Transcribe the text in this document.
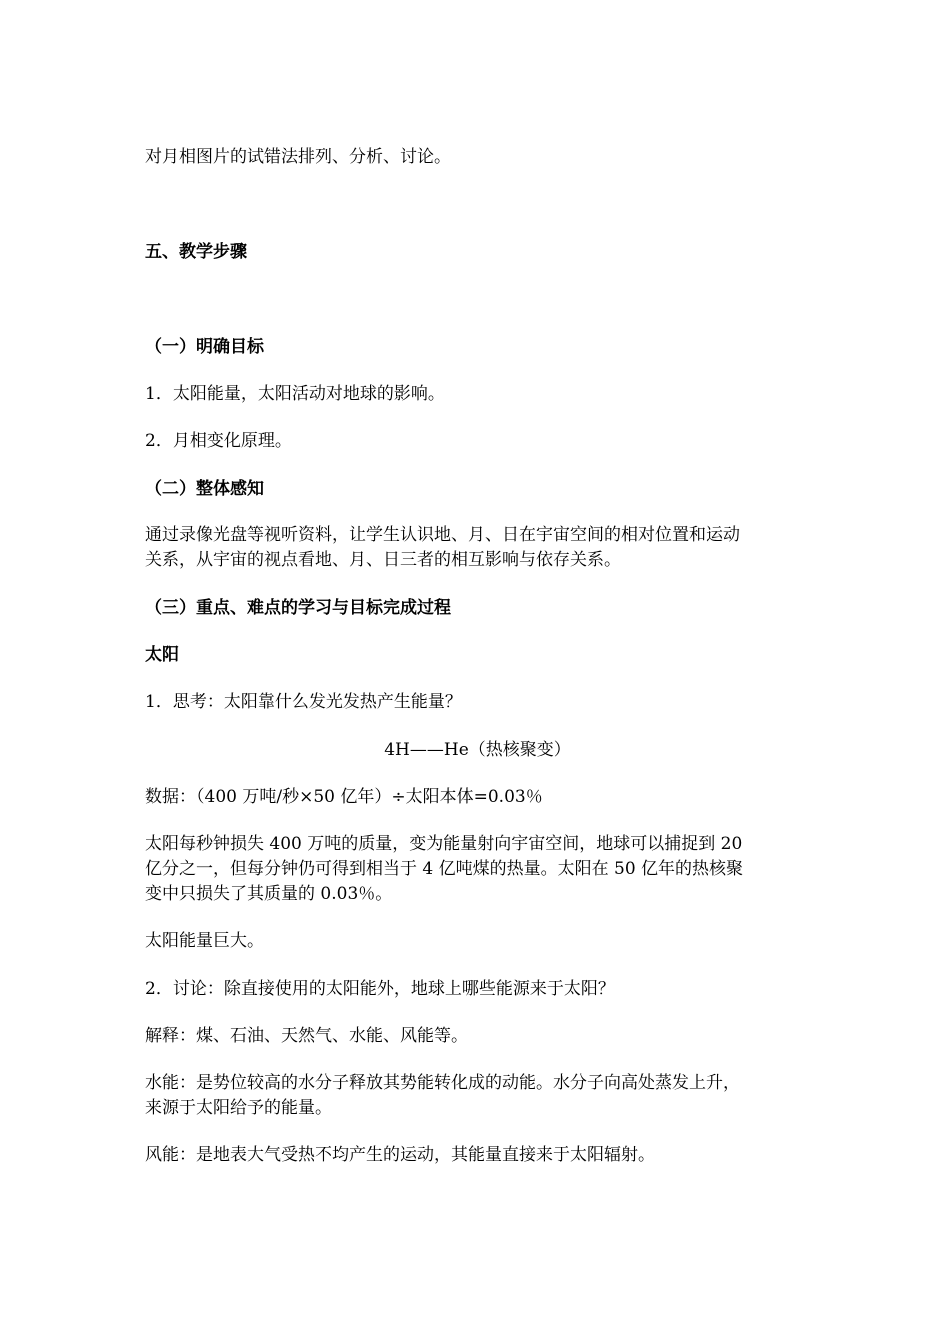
对月相图片的试错法排列、分析、讨论。

五、教学步骤

（一）明确目标

1．太阳能量，太阳活动对地球的影响。

2．月相变化原理。

（二）整体感知

通过录像光盘等视听资料，让学生认识地、月、日在宇宙空间的相对位置和运动

关系，从宇宙的视点看地、月、日三者的相互影响与依存关系。

（三）重点、难点的学习与目标完成过程

太阳

1．思考：太阳靠什么发光发热产生能量？

4H——He（热核聚变）

数据：（400 万吨/秒×50 亿年）÷太阳本体=0.03％

太阳每秒钟损失 400 万吨的质量，变为能量射向宇宙空间，地球可以捕捉到 20

亿分之一，但每分钟仍可得到相当于 4 亿吨煤的热量。太阳在 50 亿年的热核聚

变中只损失了其质量的 0.03％。

太阳能量巨大。

2．讨论：除直接使用的太阳能外，地球上哪些能源来于太阳？

解释：煤、石油、天然气、水能、风能等。

水能：是势位较高的水分子释放其势能转化成的动能。水分子向高处蒸发上升，

来源于太阳给予的能量。

风能：是地表大气受热不均产生的运动，其能量直接来于太阳辐射。
